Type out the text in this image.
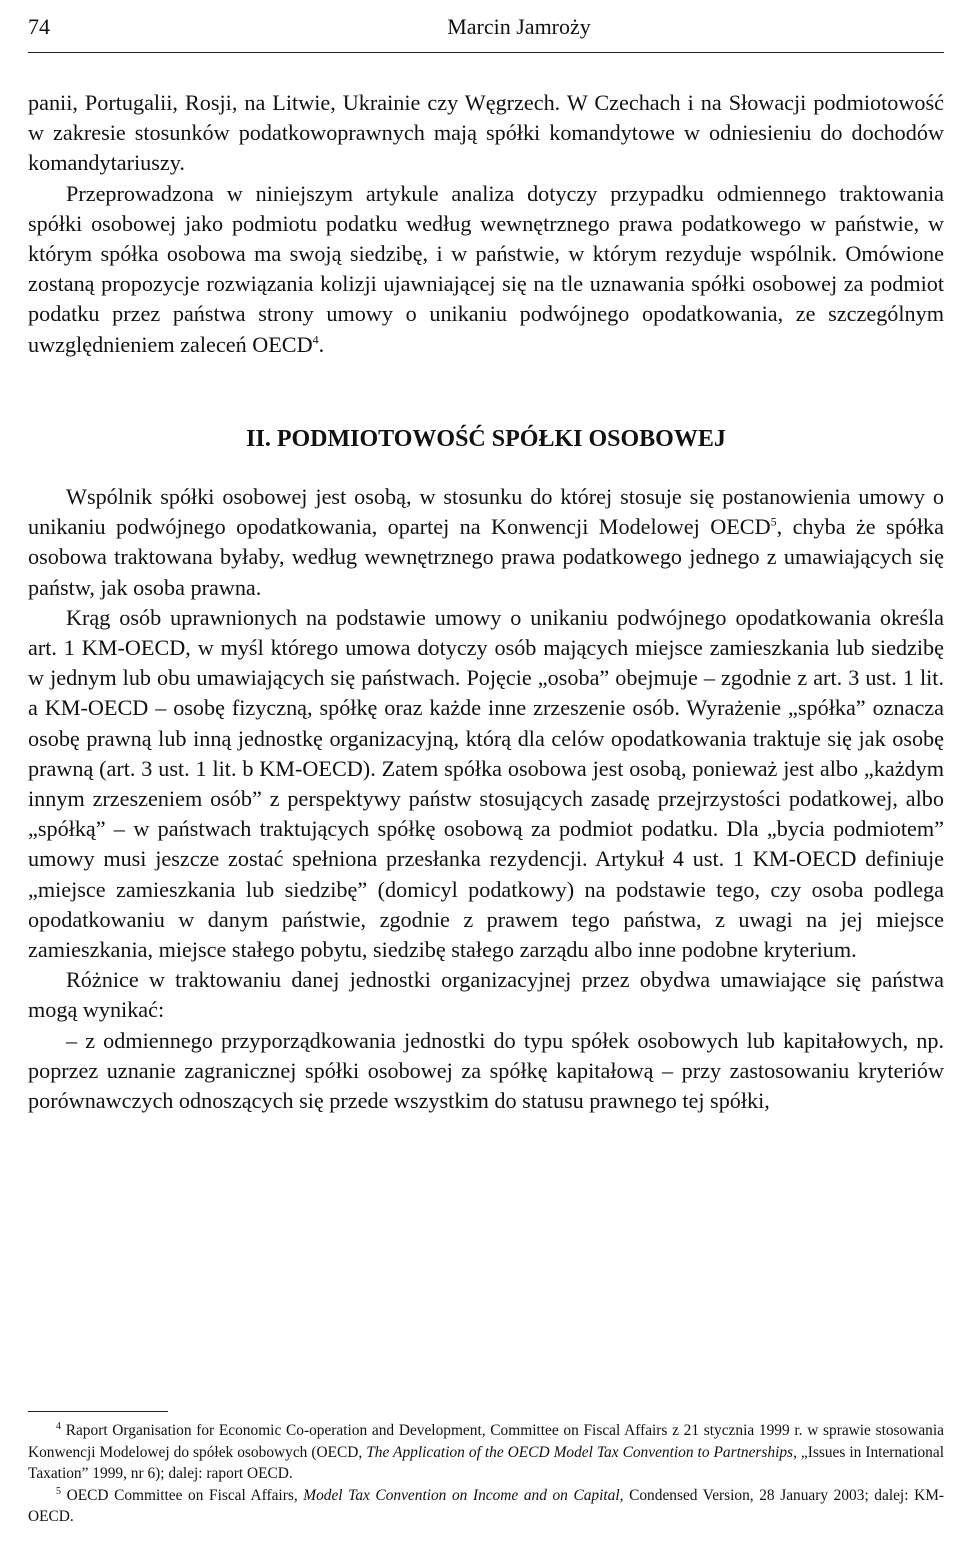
74	Marcin Jamroży

panii, Portugalii, Rosji, na Litwie, Ukrainie czy Węgrzech. W Czechach i na Słowacji podmiotowość w zakresie stosunków podatkowoprawnych mają spółki komandytowe w odniesieniu do dochodów komandytariuszy.

Przeprowadzona w niniejszym artykule analiza dotyczy przypadku odmiennego traktowania spółki osobowej jako podmiotu podatku według wewnętrznego prawa podatkowego w państwie, w którym spółka osobowa ma swoją siedzibę, i w państwie, w którym rezyduje wspólnik. Omówione zostaną propozycje rozwiązania kolizji ujawniającej się na tle uznawania spółki osobowej za podmiot podatku przez państwa strony umowy o unikaniu podwójnego opodatkowania, ze szczególnym uwzględnieniem zaleceń OECD$^4$.

II. PODMIOTOWOŚĆ SPÓŁKI OSOBOWEJ

Wspólnik spółki osobowej jest osobą, w stosunku do której stosuje się postanowienia umowy o unikaniu podwójnego opodatkowania, opartej na Konwencji Modelowej OECD$^5$, chyba że spółka osobowa traktowana byłaby, według wewnętrznego prawa podatkowego jednego z umawiających się państw, jak osoba prawna.

Krąg osób uprawnionych na podstawie umowy o unikaniu podwójnego opodatkowania określa art. 1 KM-OECD, w myśl którego umowa dotyczy osób mających miejsce zamieszkania lub siedzibę w jednym lub obu umawiających się państwach. Pojęcie „osoba” obejmuje – zgodnie z art. 3 ust. 1 lit. a KM-OECD – osobę fizyczną, spółkę oraz każde inne zrzeszenie osób. Wyrażenie „spółka” oznacza osobę prawną lub inną jednostkę organizacyjną, którą dla celów opodatkowania traktuje się jak osobę prawną (art. 3 ust. 1 lit. b KM-OECD). Zatem spółka osobowa jest osobą, ponieważ jest albo „każdym innym zrzeszeniem osób” z perspektywy państw stosujących zasadę przejrzystości podatkowej, albo „spółką” – w państwach traktujących spółkę osobową za podmiot podatku. Dla „bycia podmiotem” umowy musi jeszcze zostać spełniona przesłanka rezydencji. Artykuł 4 ust. 1 KM-OECD definiuje „miejsce zamieszkania lub siedzibę” (domicyl podatkowy) na podstawie tego, czy osoba podlega opodatkowaniu w danym państwie, zgodnie z prawem tego państwa, z uwagi na jej miejsce zamieszkania, miejsce stałego pobytu, siedzibę stałego zarządu albo inne podobne kryterium.

Różnice w traktowaniu danej jednostki organizacyjnej przez obydwa umawiające się państwa mogą wynikać:

– z odmiennego przyporządkowania jednostki do typu spółek osobowych lub kapitałowych, np. poprzez uznanie zagranicznej spółki osobowej za spółkę kapitałową – przy zastosowaniu kryteriów porównawczych odnoszących się przede wszystkim do statusu prawnego tej spółki,

$^4$ Raport Organisation for Economic Co-operation and Development, Committee on Fiscal Affairs z 21 stycznia 1999 r. w sprawie stosowania Konwencji Modelowej do spółek osobowych (OECD, The Application of the OECD Model Tax Convention to Partnerships, „Issues in International Taxation” 1999, nr 6); dalej: raport OECD.

$^5$ OECD Committee on Fiscal Affairs, Model Tax Convention on Income and on Capital, Condensed Version, 28 January 2003; dalej: KM-OECD.
